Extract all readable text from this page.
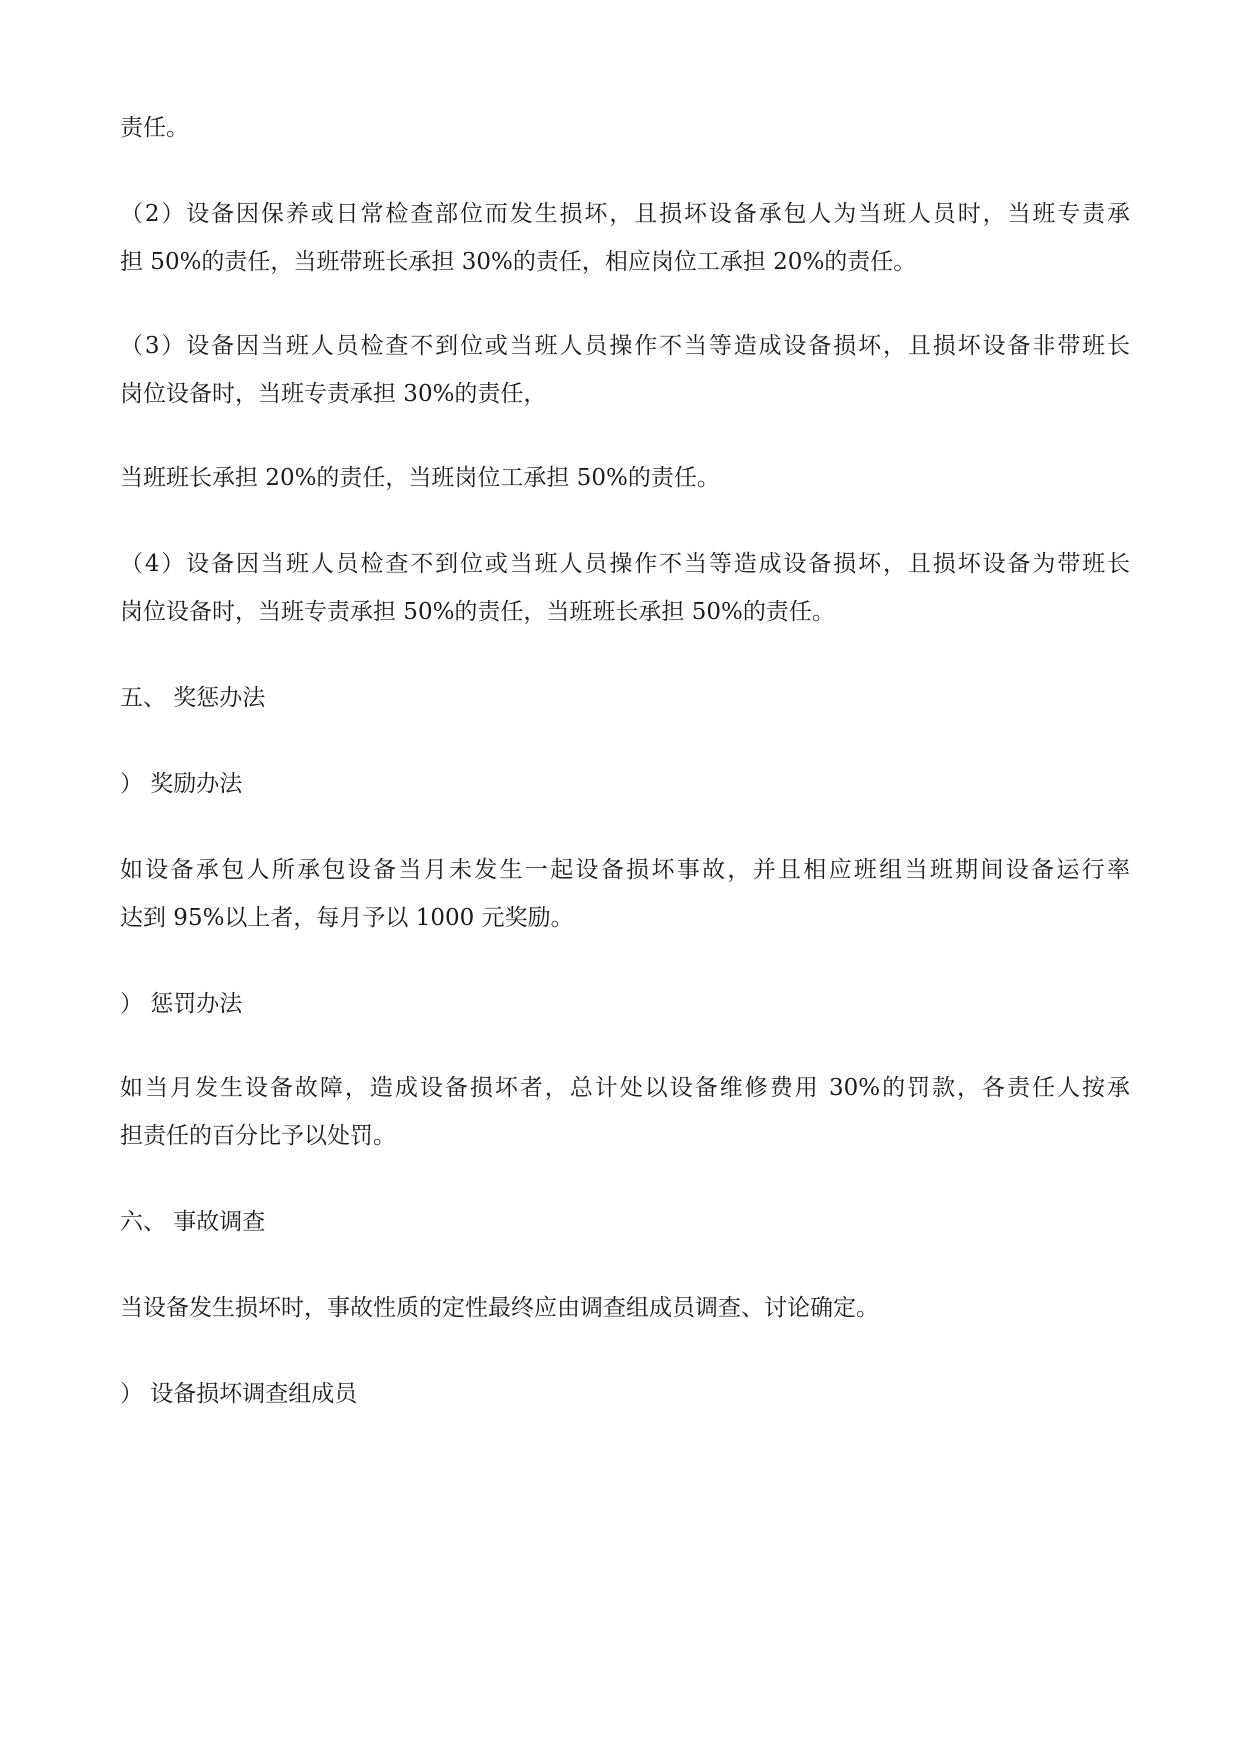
责任。

（2）设备因保养或日常检查部位而发生损坏，且损坏设备承包人为当班人员时，当班专责承

担 50%的责任，当班带班长承担 30%的责任，相应岗位工承担 20%的责任。

（3）设备因当班人员检查不到位或当班人员操作不当等造成设备损坏，且损坏设备非带班长

岗位设备时，当班专责承担 30%的责任，

当班班长承担 20%的责任，当班岗位工承担 50%的责任。

（4）设备因当班人员检查不到位或当班人员操作不当等造成设备损坏，且损坏设备为带班长

岗位设备时，当班专责承担 50%的责任，当班班长承担 50%的责任。

五、 奖惩办法

） 奖励办法

如设备承包人所承包设备当月未发生一起设备损坏事故，并且相应班组当班期间设备运行率

达到 95%以上者，每月予以 1000 元奖励。

） 惩罚办法

如当月发生设备故障，造成设备损坏者，总计处以设备维修费用 30%的罚款，各责任人按承

担责任的百分比予以处罚。

六、 事故调查

当设备发生损坏时，事故性质的定性最终应由调查组成员调查、讨论确定。

） 设备损坏调查组成员
